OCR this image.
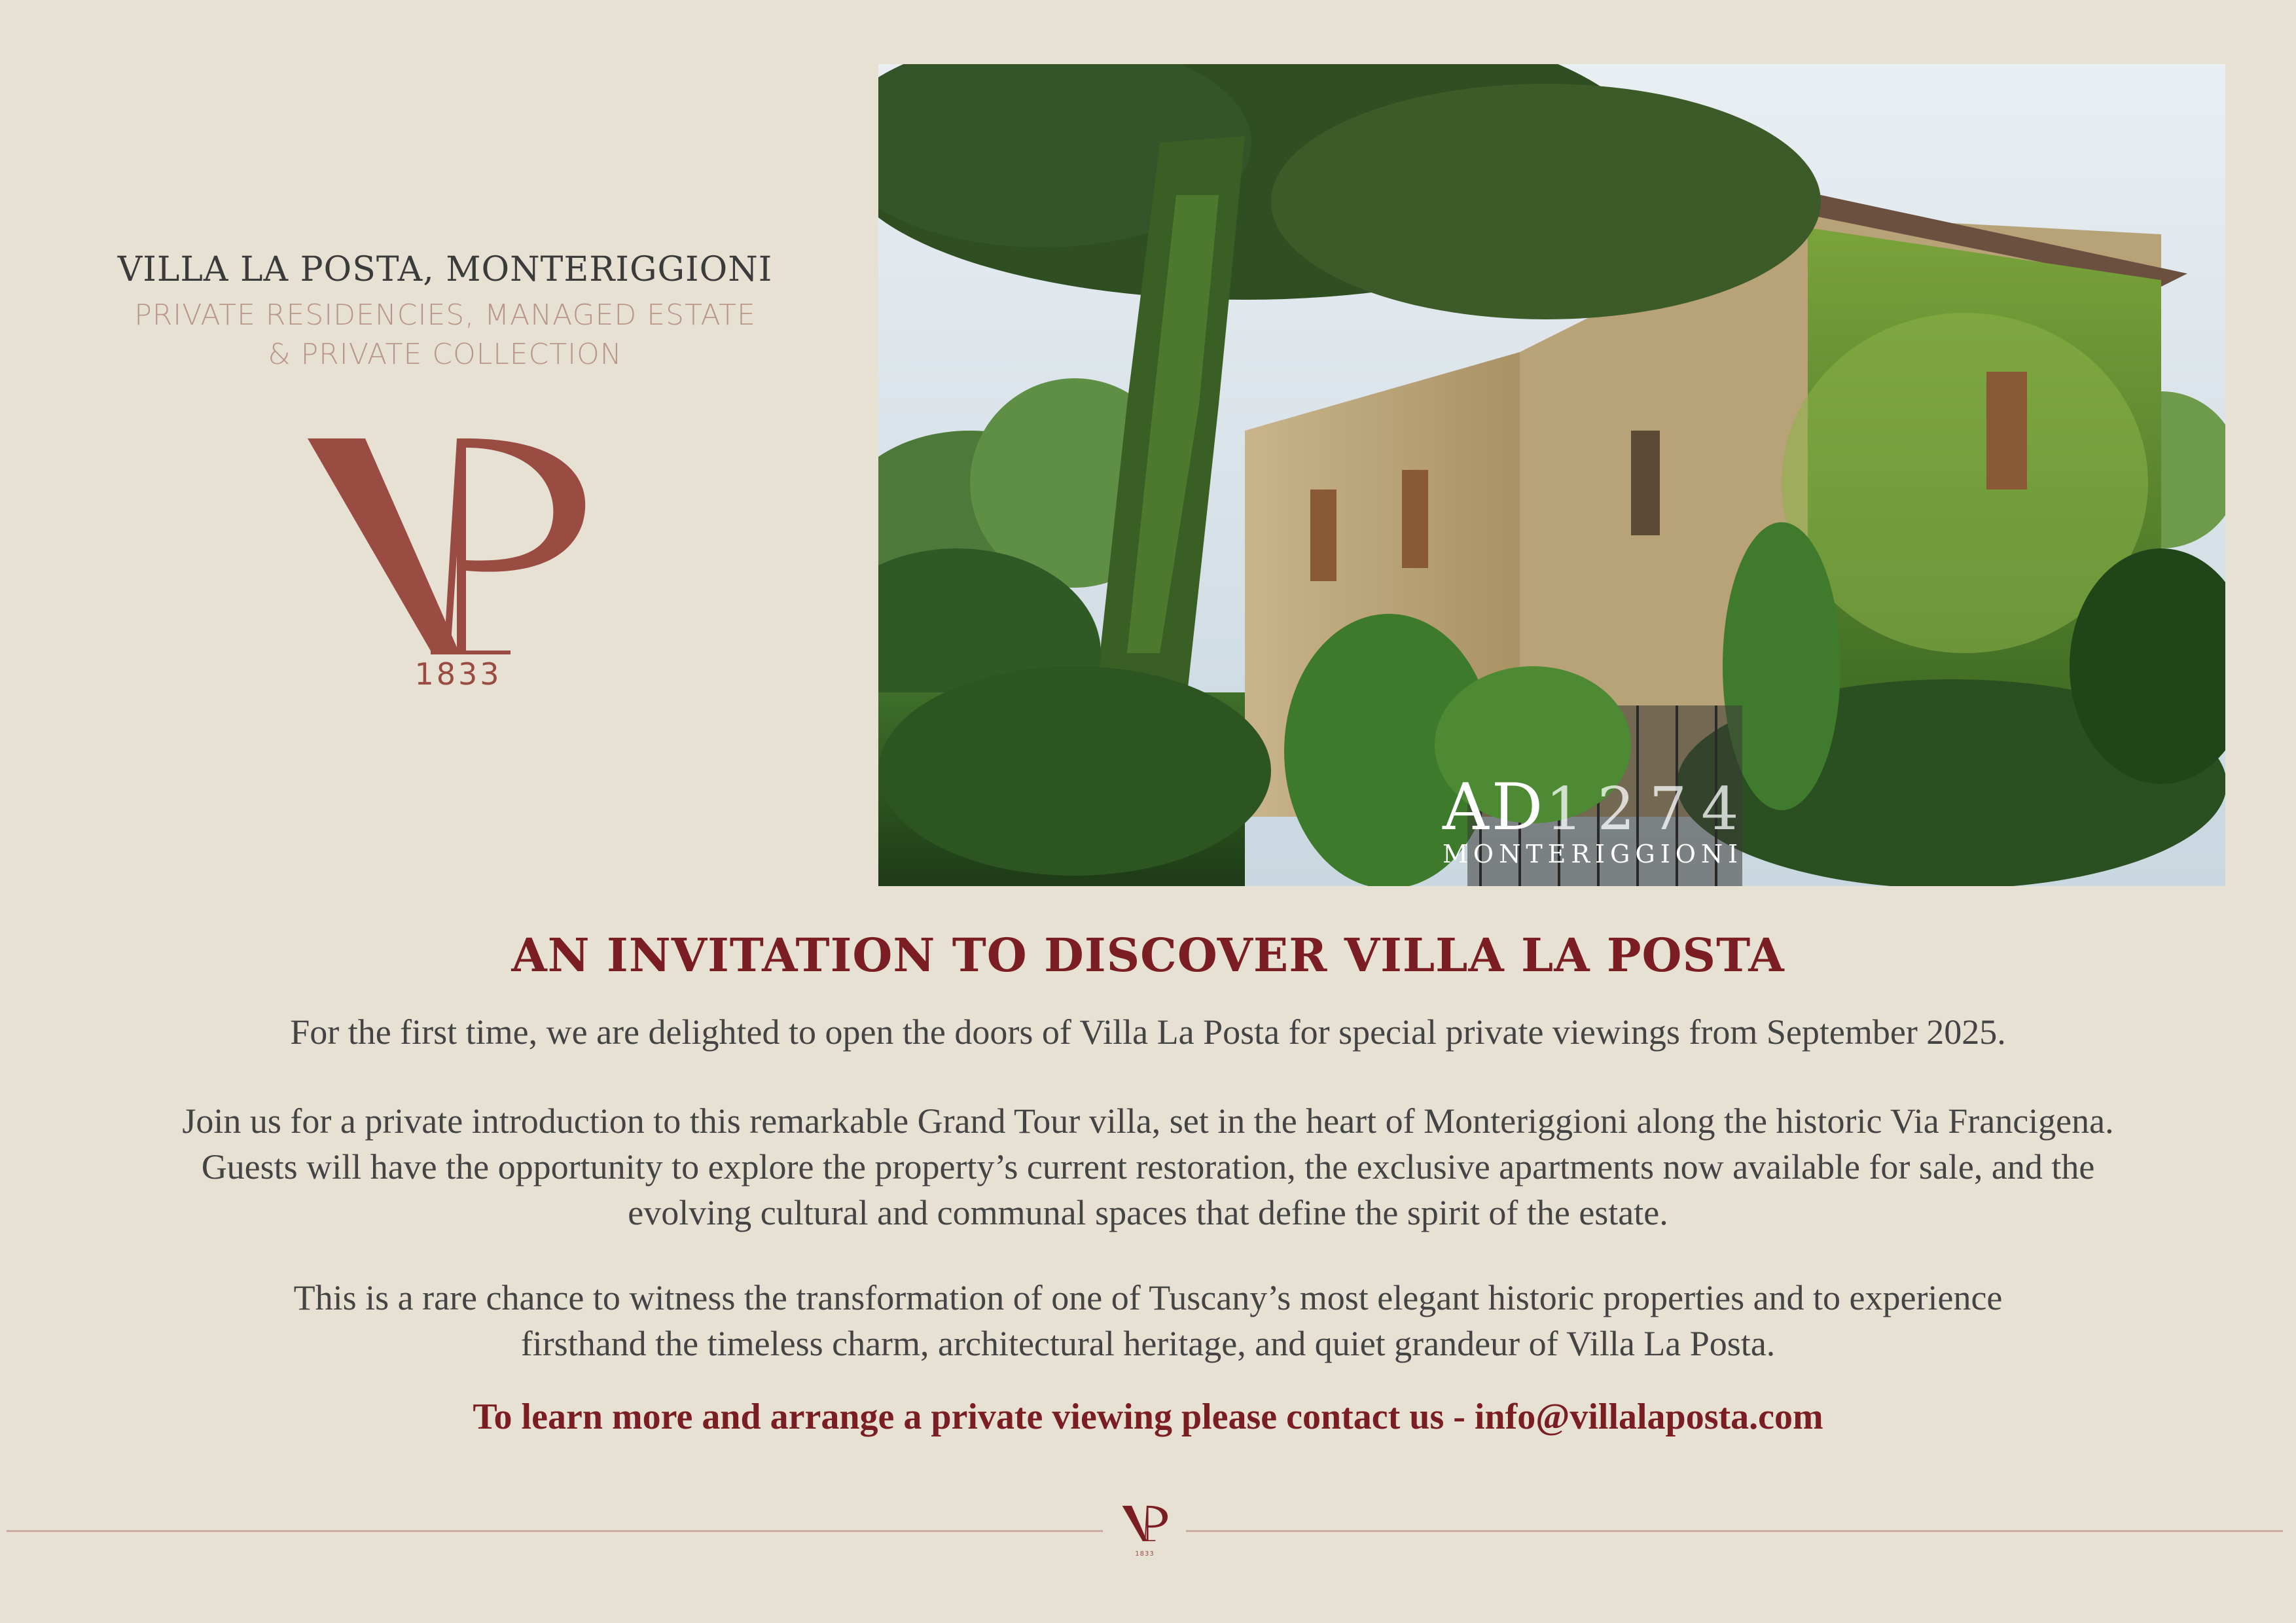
VILLA LA POSTA, MONTERIGGIONI
PRIVATE RESIDENCIES, MANAGED ESTATE
& PRIVATE COLLECTION
1833
AD1274
MONTERIGGIONI
AN INVITATION TO DISCOVER VILLA LA POSTA

For the first time, we are delighted to open the doors of Villa La Posta for special private viewings from September 2025.

Join us for a private introduction to this remarkable Grand Tour villa, set in the heart of Monteriggioni along the historic Via Francigena.
Guests will have the opportunity to explore the property’s current restoration, the exclusive apartments now available for sale, and the
evolving cultural and communal spaces that define the spirit of the estate.

This is a rare chance to witness the transformation of one of Tuscany’s most elegant historic properties and to experience
firsthand the timeless charm, architectural heritage, and quiet grandeur of Villa La Posta.

To learn more and arrange a private viewing please contact us - info@villalaposta.com
1833
